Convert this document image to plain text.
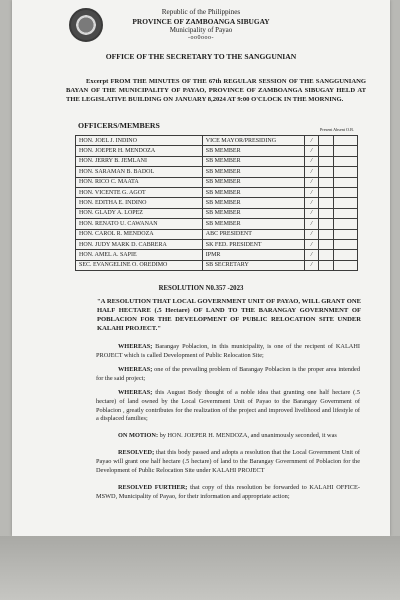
Republic of the Philippines
PROVINCE OF ZAMBOANGA SIBUGAY
Municipality of Payao
-oo0ooo-
OFFICE OF THE SECRETARY TO THE SANGGUNIAN
Excerpt FROM THE MINUTES OF THE 67th REGULAR SESSION OF THE SANGGUNIANG BAYAN OF THE MUNICIPALITY OF PAYAO, PROVINCE OF ZAMBOANGA SIBUGAY HELD AT THE LEGISLATIVE BUILDING ON JANUARY 8,2024 AT 9:00 O'CLOCK IN THE MORNING.
OFFICERS/MEMBERS	Present Absent O.B.
HON. JOEL J. INDINO	VICE MAYOR/PRESIDING	/		
HON. JOEPER H. MENDOZA	SB MEMBER	/		
HON. JERRY B. JEMLANI	SB MEMBER	/		
HON. SARAMAN B. BADOL	SB MEMBER	/		
HON. RICO C. MAATA	SB MEMBER	/		
HON. VICENTE G. AGOT	SB MEMBER	/		
HON. EDITHA E. INDINO	SB MEMBER	/		
HON. GLADY A. LOPEZ	SB MEMBER	/		
HON. RENATO U. CAWANAN	SB MEMBER	/		
HON. CAROL R. MENDOZA	ABC PRESIDENT	/		
HON. JUDY MARK D. CABRERA	SK FED. PRESIDENT	/		
HON. AMEL A. SAPIE	IPMR	/		
SEC. EVANGELINE O. OREDIMO	SB SECRETARY	/		
RESOLUTION N0.357 -2023
"A RESOLUTION THAT LOCAL GOVERNMENT UNIT OF PAYAO, WILL GRANT ONE HALF HECTARE (.5 Hectare) OF LAND TO THE BARANGAY GOVERNMENT OF POBLACION FOR THE DEVELOPMENT OF PUBLIC RELOCATION SITE UNDER KALAHI PROJECT."
WHEREAS; Barangay Poblacion, in this municipality, is one of the recipent of KALAHI PROJECT which is called Development of Public Relocation Site;
WHEREAS; one of the prevailing problem of Barangay Poblacion is the proper area intended for the said project;
WHEREAS; this August Body thought of a noble idea that granting one half hectare (.5 hectare) of land owned by the Local Government Unit of Payao to the Barangay Government of Poblacion , greatly contributes for the realization of the project and improved livelihood and lifestyle of a displaced families;
ON MOTION: by HON. JOEPER H. MENDOZA, and unanimously seconded, it was
RESOLVED; that this body passed and adopts a resolution that the Local Government Unit of Payao will grant one half hectare (.5 hectare) of land to the Barangay Government of Poblacion for the Development of Public Relocation Site under KALAHI PROJECT
RESOLVED FURTHER; that copy of this resolution be forwarded to KALAHI OFFICE-MSWD, Municipality of Payao, for their information and appropriate action;
